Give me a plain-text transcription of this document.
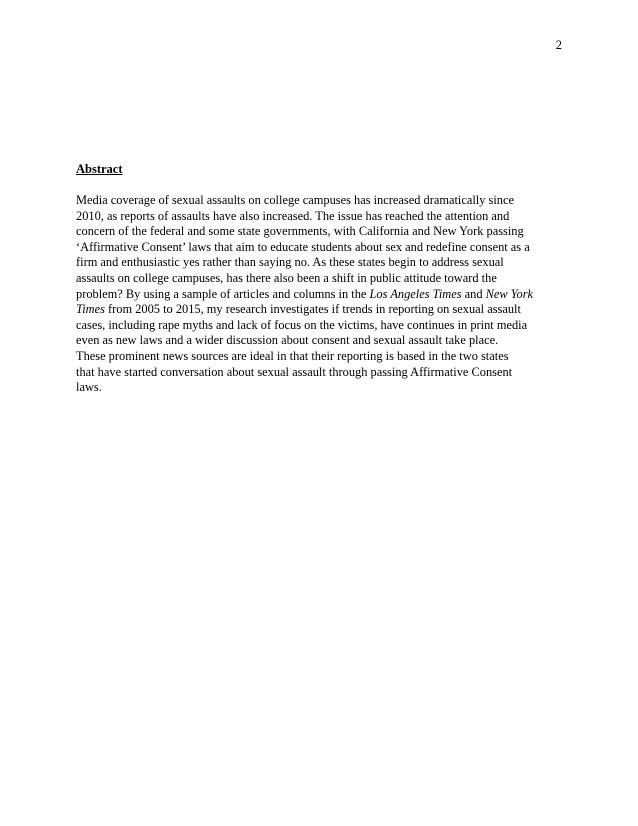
2
Abstract
Media coverage of sexual assaults on college campuses has increased dramatically since
2010, as reports of assaults have also increased. The issue has reached the attention and
concern of the federal and some state governments, with California and New York passing
‘Affirmative Consent’ laws that aim to educate students about sex and redefine consent as a
firm and enthusiastic yes rather than saying no. As these states begin to address sexual
assaults on college campuses, has there also been a shift in public attitude toward the
problem? By using a sample of articles and columns in the Los Angeles Times and New York
Times from 2005 to 2015, my research investigates if trends in reporting on sexual assault
cases, including rape myths and lack of focus on the victims, have continues in print media
even as new laws and a wider discussion about consent and sexual assault take place.
These prominent news sources are ideal in that their reporting is based in the two states
that have started conversation about sexual assault through passing Affirmative Consent
laws.
